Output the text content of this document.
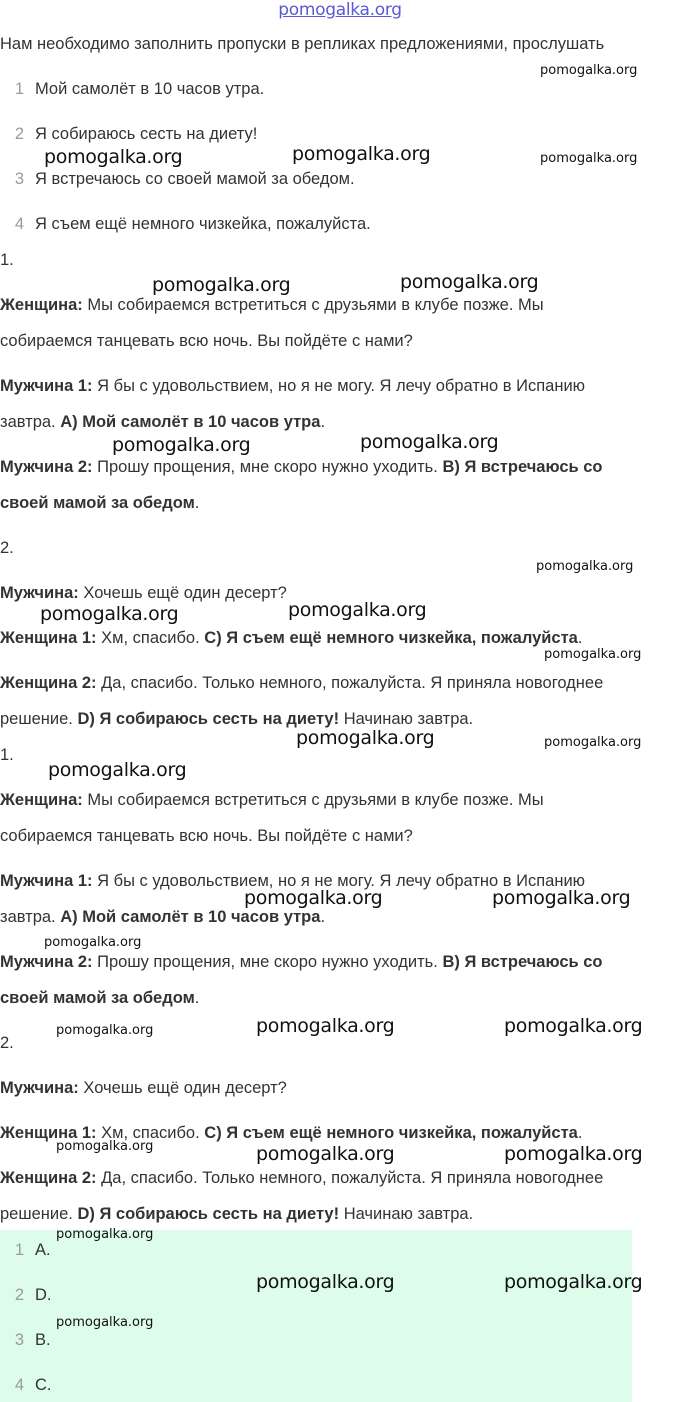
pomogalka.org
Нам необходимо заполнить пропуски в репликах предложениями, прослушать
1 Мой самолёт в 10 часов утра.
2 Я собираюсь сесть на диету!
3 Я встречаюсь со своей мамой за обедом.
4 Я съем ещё немного чизкейка, пожалуйста.
1.
Женщина: Мы собираемся встретиться с друзьями в клубе позже. Мы
собираемся танцевать всю ночь. Вы пойдёте с нами?
Мужчина 1: Я бы с удовольствием, но я не могу. Я лечу обратно в Испанию
завтра. A) Мой самолёт в 10 часов утра.
Мужчина 2: Прошу прощения, мне скоро нужно уходить. B) Я встречаюсь со
своей мамой за обедом.
2.
Мужчина: Хочешь ещё один десерт?
Женщина 1: Хм, спасибо. C) Я съем ещё немного чизкейка, пожалуйста.
Женщина 2: Да, спасибо. Только немного, пожалуйста. Я приняла новогоднее
решение. D) Я собираюсь сесть на диету! Начинаю завтра.
1.
Женщина: Мы собираемся встретиться с друзьями в клубе позже. Мы
собираемся танцевать всю ночь. Вы пойдёте с нами?
Мужчина 1: Я бы с удовольствием, но я не могу. Я лечу обратно в Испанию
завтра. A) Мой самолёт в 10 часов утра.
Мужчина 2: Прошу прощения, мне скоро нужно уходить. B) Я встречаюсь со
своей мамой за обедом.
2.
Мужчина: Хочешь ещё один десерт?
Женщина 1: Хм, спасибо. C) Я съем ещё немного чизкейка, пожалуйста.
Женщина 2: Да, спасибо. Только немного, пожалуйста. Я приняла новогоднее
решение. D) Я собираюсь сесть на диету! Начинаю завтра.
1 A.
2 D.
3 B.
4 C.
pomogalka.org	pomogalka.org
pomogalka.org	pomogalka.org
pomogalka.org	pomogalka.org
pomogalka.org	pomogalka.org
pomogalka.org
pomogalka.org
pomogalka.org	pomogalka.org
pomogalka.org	pomogalka.org
pomogalka.org	pomogalka.org
pomogalka.org	pomogalka.org
pomogalka.org
pomogalka.org
pomogalka.org
pomogalka.org
pomogalka.org
pomogalka.org
pomogalka.org
pomogalka.org
pomogalka.org
pomogalka.org
